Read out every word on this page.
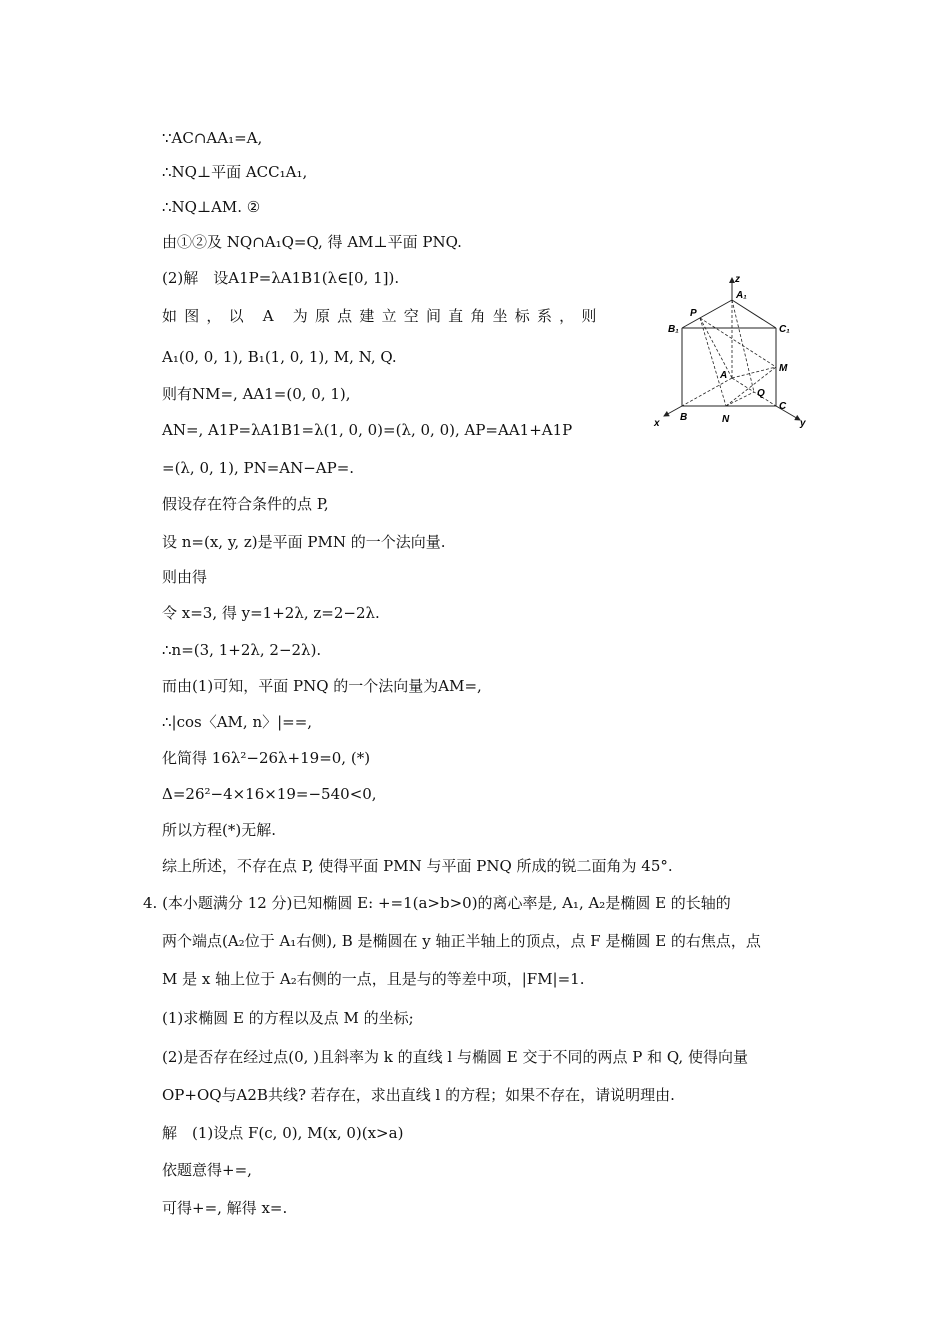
∵AC∩AA₁=A,
∴NQ⊥平面 ACC₁A₁,
∴NQ⊥AM. ②
由①②及 NQ∩A₁Q=Q, 得 AM⊥平面 PNQ.
(2)解　设A1P=λA1B1(λ∈[0, 1]).
如图，以 A 为原点建立空间直角坐标系，则
A₁(0, 0, 1), B₁(1, 0, 1), M, N, Q.
则有NM=, AA1=(0, 0, 1),
AN=, A1P=λA1B1=λ(1, 0, 0)=(λ, 0, 0), AP=AA1+A1P
=(λ, 0, 1), PN=AN−AP=.
假设存在符合条件的点 P,
设 n=(x, y, z)是平面 PMN 的一个法向量.
则由得
令 x=3, 得 y=1+2λ, z=2−2λ.
∴n=(3, 1+2λ, 2−2λ).
而由(1)可知，平面 PNQ 的一个法向量为AM=,
∴|cos〈AM, n〉|==,
化简得 16λ²−26λ+19=0, (*)
Δ=26²−4×16×19=−540<0,
所以方程(*)无解.
综上所述，不存在点 P, 使得平面 PMN 与平面 PNQ 所成的锐二面角为 45°.
4. (本小题满分 12 分)已知椭圆 E: +=1(a>b>0)的离心率是, A₁, A₂是椭圆 E 的长轴的
两个端点(A₂位于 A₁右侧), B 是椭圆在 y 轴正半轴上的顶点，点 F 是椭圆 E 的右焦点，点
M 是 x 轴上位于 A₂右侧的一点，且是与的等差中项，|FM|=1.
(1)求椭圆 E 的方程以及点 M 的坐标;
(2)是否存在经过点(0, )且斜率为 k 的直线 l 与椭圆 E 交于不同的两点 P 和 Q, 使得向量
OP+OQ与A2B共线? 若存在，求出直线 l 的方程；如果不存在，请说明理由.
解　(1)设点 F(c, 0), M(x, 0)(x>a)
依题意得+=,
可得+=, 解得 x=.
z
A₁
P
B₁	C₁
M
A
Q
C
x
B	N	y
